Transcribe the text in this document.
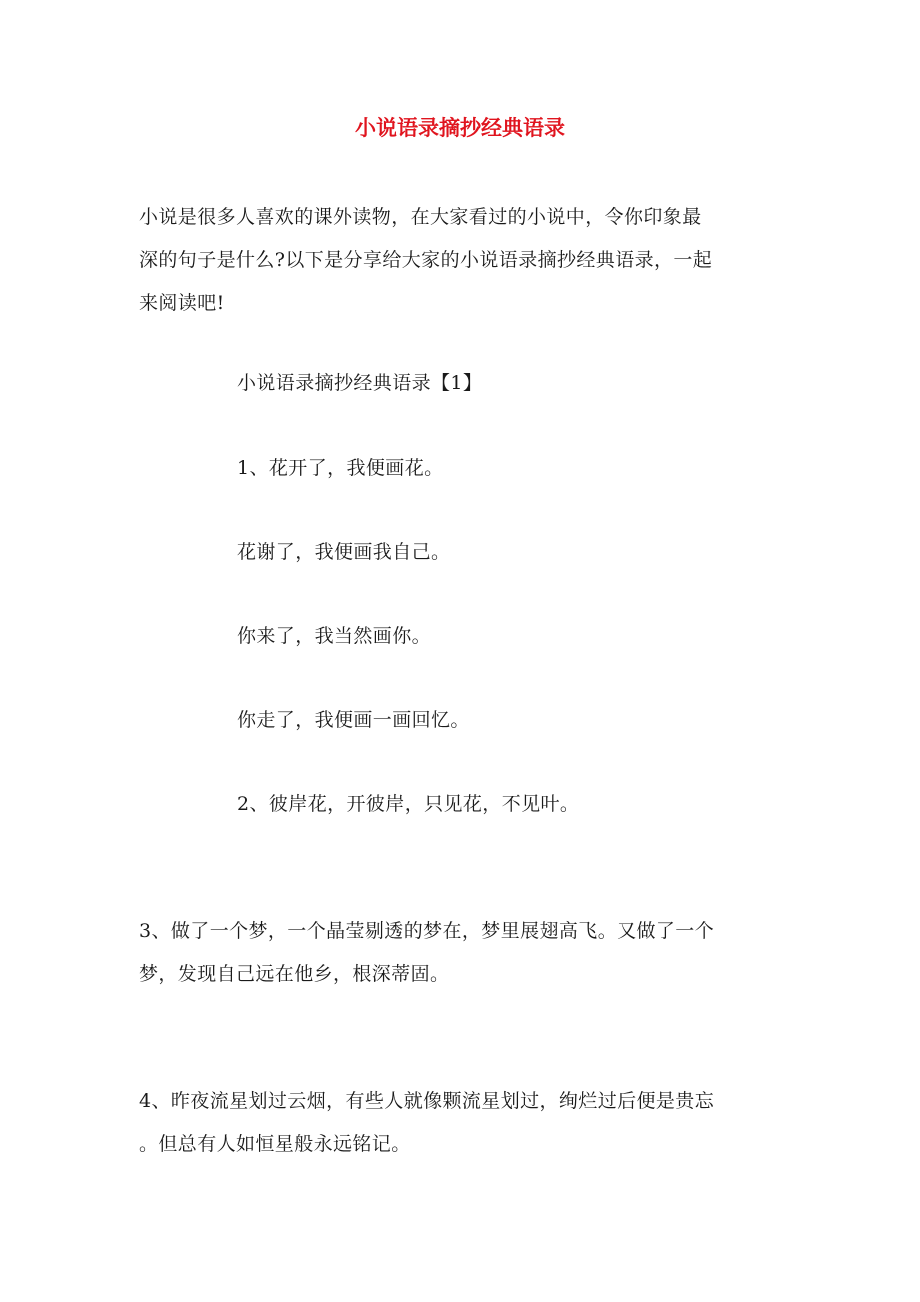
小说语录摘抄经典语录
小说是很多人喜欢的课外读物，在大家看过的小说中，令你印象最
深的句子是什么?以下是分享给大家的小说语录摘抄经典语录，一起
来阅读吧!
小说语录摘抄经典语录【1】
1、花开了，我便画花。
花谢了，我便画我自己。
你来了，我当然画你。
你走了，我便画一画回忆。
2、彼岸花，开彼岸，只见花，不见叶。
3、做了一个梦，一个晶莹剔透的梦在，梦里展翅高飞。又做了一个
梦，发现自己远在他乡，根深蒂固。
4、昨夜流星划过云烟，有些人就像颗流星划过，绚烂过后便是贵忘
。但总有人如恒星般永远铭记。
